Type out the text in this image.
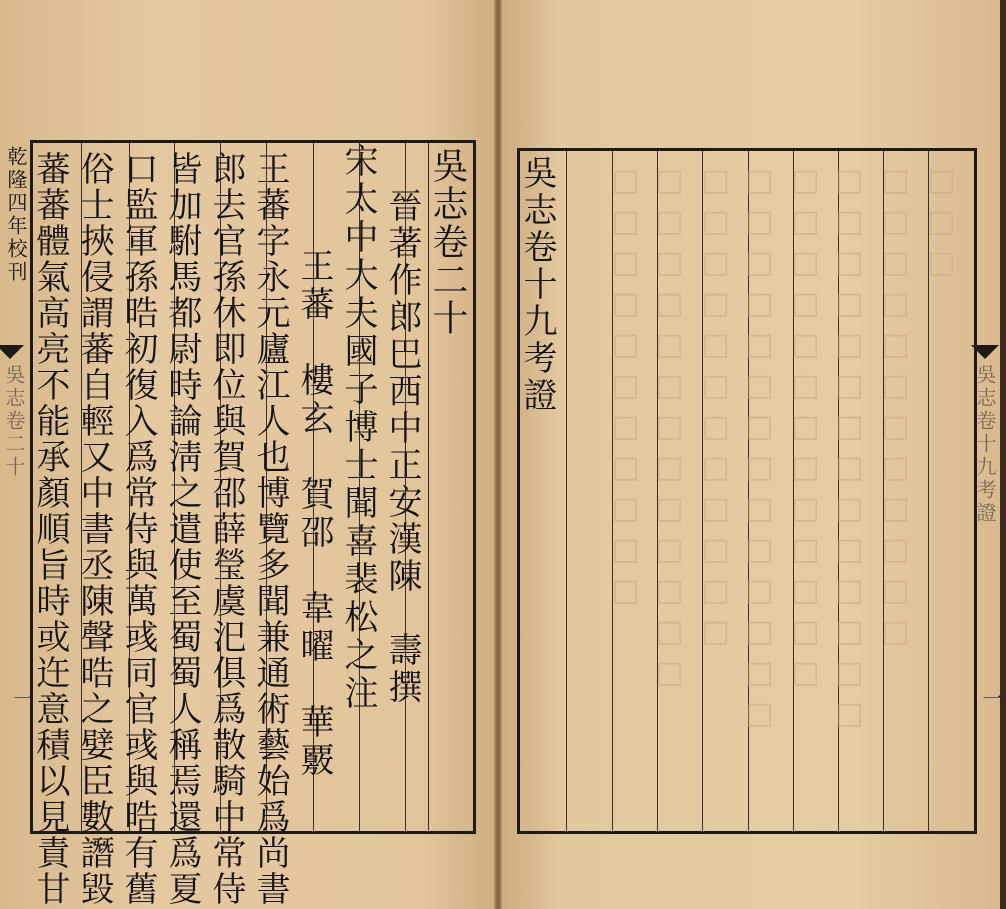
乾隆四年校刊	吳志卷二十
晉著作郎巴西中正安漢陳　壽撰
宋太中大夫國子博士聞喜裴松之注
王蕃　樓玄　賀邵　韋曜　華覈
王蕃字永元廬江人也博覽多聞兼通術藝始爲尚書
郎去官孫休即位與賀邵薛瑩虞汜俱爲散騎中常侍
皆加駙馬都尉時論淸之遣使至蜀蜀人稱焉還爲夏
口監軍孫晧初復入爲常侍與萬彧同官彧與晧有舊
俗士挾侵謂蕃自輕又中書丞陳聲晧之嬖臣數譖毀
蕃蕃體氣高亮不能承顏順旨時或迕意積以見責甘
吳志卷二十
一
□□□□□□□□□□□ □□□□□□□□□□□□□ □□□□□□□□□□□□ □□□□□□□□□□□□□□ □□□□□□□□□□□□□ □□□□□□□□□□□□□□ □□□□□□□□□□□□ □□□
吳志卷十九考證
吳志卷十九考證
一
